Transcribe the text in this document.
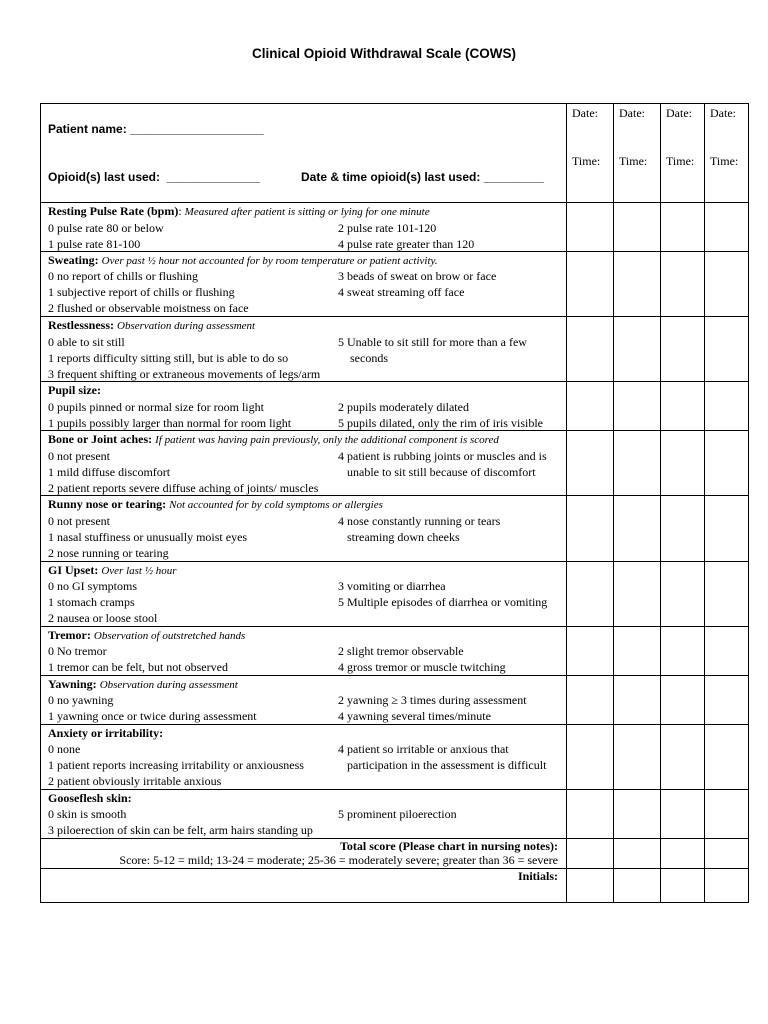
Clinical Opioid Withdrawal Scale (COWS)
Date: Date: Date: Date:
Time: Time: Time: Time:
Patient name: ____________________
Opioid(s) last used:  ______________	Date & time opioid(s) last used: _________
Resting Pulse Rate (bpm): Measured after patient is sitting or lying for one minute
0 pulse rate 80 or below	2 pulse rate 101-120
1 pulse rate 81-100	4 pulse rate greater than 120
Sweating: Over past ½ hour not accounted for by room temperature or patient activity.
0 no report of chills or flushing	3 beads of sweat on brow or face
1 subjective report of chills or flushing	4 sweat streaming off face
2 flushed or observable moistness on face
Restlessness: Observation during assessment
0 able to sit still	5 Unable to sit still for more than a few
1 reports difficulty sitting still, but is able to do so	seconds
3 frequent shifting or extraneous movements of legs/arm
Pupil size:
0 pupils pinned or normal size for room light	2 pupils moderately dilated
1 pupils possibly larger than normal for room light	5 pupils dilated, only the rim of iris visible
Bone or Joint aches: If patient was having pain previously, only the additional component is scored
0 not present	4 patient is rubbing joints or muscles and is
1 mild diffuse discomfort	unable to sit still because of discomfort
2 patient reports severe diffuse aching of joints/ muscles
Runny nose or tearing: Not accounted for by cold symptoms or allergies
0 not present	4 nose constantly running or tears
1 nasal stuffiness or unusually moist eyes	streaming down cheeks
2 nose running or tearing
GI Upset: Over last ½ hour
0 no GI symptoms	3 vomiting or diarrhea
1 stomach cramps	5 Multiple episodes of diarrhea or vomiting
2 nausea or loose stool
Tremor: Observation of outstretched hands
0 No tremor	2 slight tremor observable
1 tremor can be felt, but not observed	4 gross tremor or muscle twitching
Yawning: Observation during assessment
0 no yawning	2 yawning ≥ 3 times during assessment
1 yawning once or twice during assessment	4 yawning several times/minute
Anxiety or irritability:
0 none	4 patient so irritable or anxious that
1 patient reports increasing irritability or anxiousness	participation in the assessment is difficult
2 patient obviously irritable anxious
Gooseflesh skin:
0 skin is smooth	5 prominent piloerection
3 piloerection of skin can be felt, arm hairs standing up
Total score (Please chart in nursing notes):
Score: 5-12 = mild; 13-24 = moderate; 25-36 = moderately severe; greater than 36 = severe
Initials:
